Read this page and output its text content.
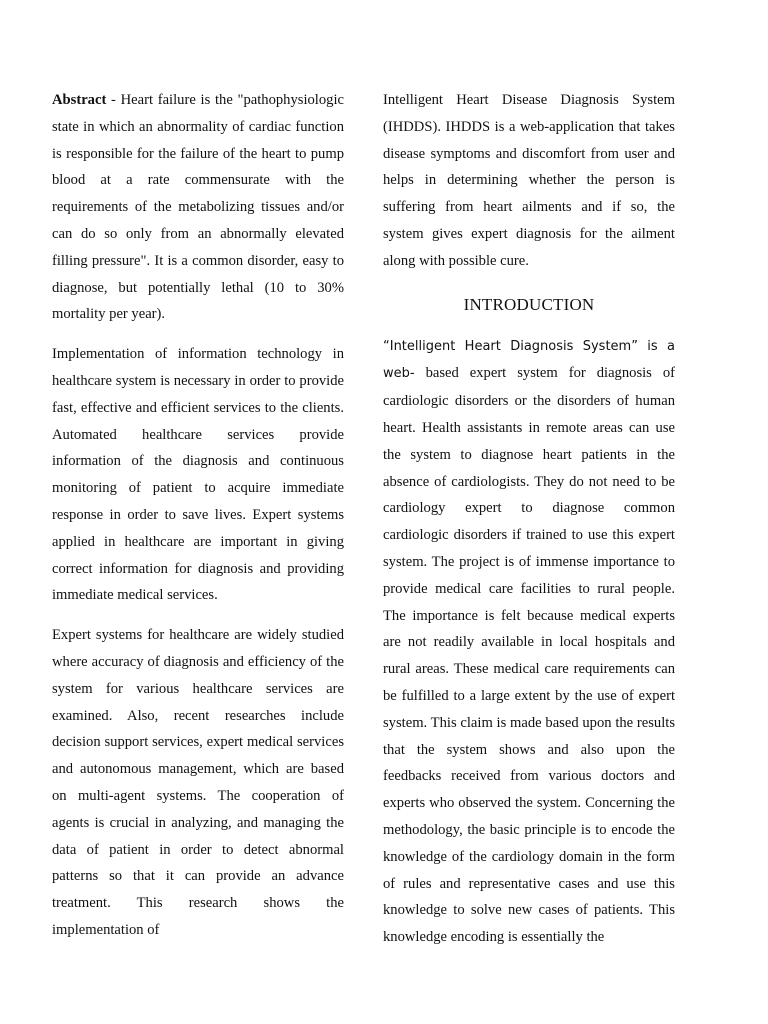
Abstract - Heart failure is the "pathophysiologic state in which an abnormality of cardiac function is responsible for the failure of the heart to pump blood at a rate commensurate with the requirements of the metabolizing tissues and/or can do so only from an abnormally elevated filling pressure". It is a common disorder, easy to diagnose, but potentially lethal (10 to 30% mortality per year).

Implementation of information technology in healthcare system is necessary in order to provide fast, effective and efficient services to the clients. Automated healthcare services provide information of the diagnosis and continuous monitoring of patient to acquire immediate response in order to save lives. Expert systems applied in healthcare are important in giving correct information for diagnosis and providing immediate medical services.

Expert systems for healthcare are widely studied where accuracy of diagnosis and efficiency of the system for various healthcare services are examined. Also, recent researches include decision support services, expert medical services and autonomous management, which are based on multi-agent systems. The cooperation of agents is crucial in analyzing, and managing the data of patient in order to detect abnormal patterns so that it can provide an advance treatment. This research shows the implementation of

Intelligent Heart Disease Diagnosis System (IHDDS). IHDDS is a web-application that takes disease symptoms and discomfort from user and helps in determining whether the person is suffering from heart ailments and if so, the system gives expert diagnosis for the ailment along with possible cure.

INTRODUCTION

“Intelligent Heart Diagnosis System” is a web- based expert system for diagnosis of cardiologic disorders or the disorders of human heart. Health assistants in remote areas can use the system to diagnose heart patients in the absence of cardiologists. They do not need to be cardiology expert to diagnose common cardiologic disorders if trained to use this expert system. The project is of immense importance to provide medical care facilities to rural people. The importance is felt because medical experts are not readily available in local hospitals and rural areas. These medical care requirements can be fulfilled to a large extent by the use of expert system. This claim is made based upon the results that the system shows and also upon the feedbacks received from various doctors and experts who observed the system. Concerning the methodology, the basic principle is to encode the knowledge of the cardiology domain in the form of rules and representative cases and use this knowledge to solve new cases of patients. This knowledge encoding is essentially the
